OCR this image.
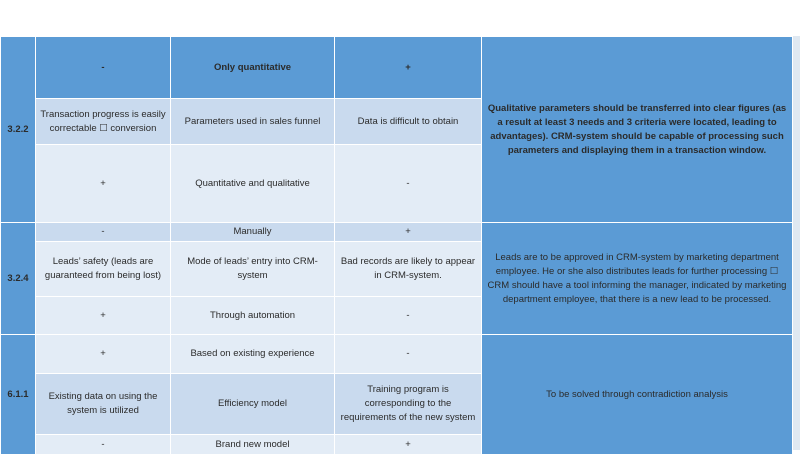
3.2.2	-	Only quantitative	+	Qualitative parameters should be transferred into clear figures (as a result at least 3 needs and 3 criteria were located, leading to advantages). CRM-system should be capable of processing such parameters and displaying them in a transaction window.
	Transaction progress is easily correctable ☐ conversion	Parameters used in sales funnel	Data is difficult to obtain	
	+	Quantitative and qualitative	-	
3.2.4	-	Manually	+	Leads are to be approved in CRM-system by marketing department employee. He or she also distributes leads for further processing ☐ CRM should have a tool informing the manager, indicated by marketing department employee, that there is a new lead to be processed.
	Leads’ safety (leads are guaranteed from being lost)	Mode of leads’ entry into CRM-system	Bad records are likely to appear in CRM-system.	
	+	Through automation	-	
6.1.1	+	Based on existing experience	-	To be solved through contradiction analysis
	Existing data on using the system is utilized	Efficiency model	Training program is corresponding to the requirements of the new system	
	-	Brand new model	+	
